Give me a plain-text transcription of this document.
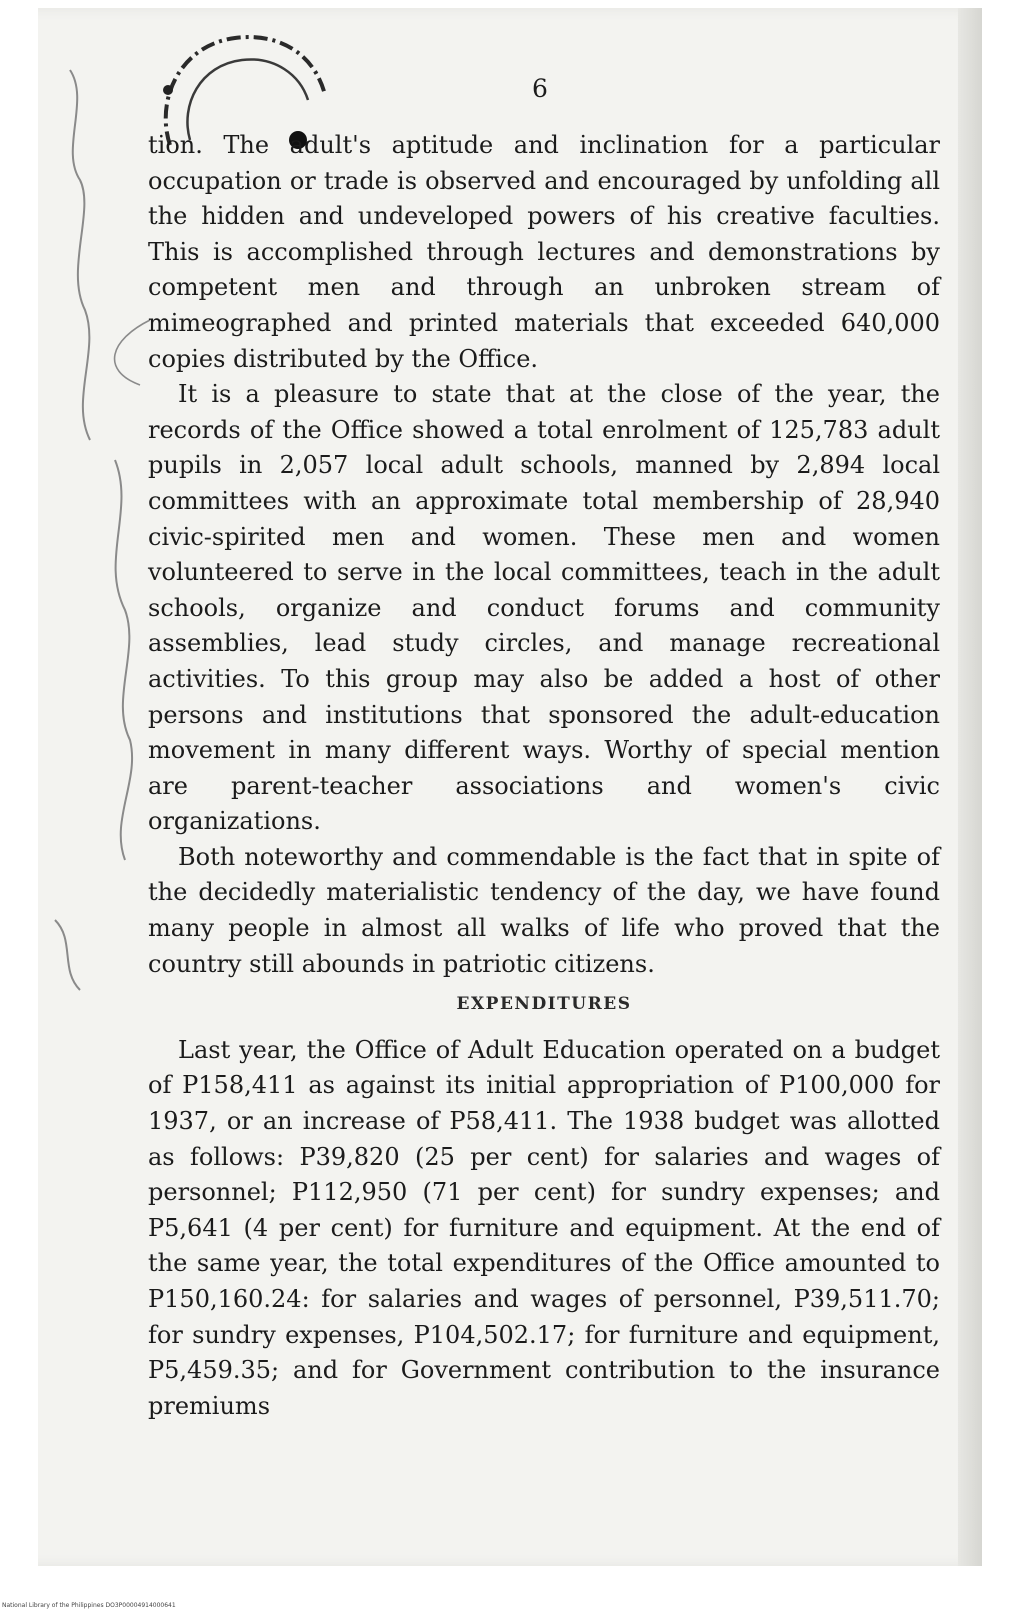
6

tion. The adult's aptitude and inclination for a particular occupation or trade is observed and encouraged by unfolding all the hidden and undeveloped powers of his creative faculties. This is accomplished through lectures and demonstrations by competent men and through an unbroken stream of mimeographed and printed materials that exceeded 640,000 copies distributed by the Office.

It is a pleasure to state that at the close of the year, the records of the Office showed a total enrolment of 125,783 adult pupils in 2,057 local adult schools, manned by 2,894 local committees with an approximate total membership of 28,940 civic-spirited men and women. These men and women volunteered to serve in the local committees, teach in the adult schools, organize and conduct forums and community assemblies, lead study circles, and manage recreational activities. To this group may also be added a host of other persons and institutions that sponsored the adult-education movement in many different ways. Worthy of special mention are parent-teacher associations and women's civic organizations.

Both noteworthy and commendable is the fact that in spite of the decidedly materialistic tendency of the day, we have found many people in almost all walks of life who proved that the country still abounds in patriotic citizens.

EXPENDITURES

Last year, the Office of Adult Education operated on a budget of P158,411 as against its initial appropriation of P100,000 for 1937, or an increase of P58,411. The 1938 budget was allotted as follows: P39,820 (25 per cent) for salaries and wages of personnel; P112,950 (71 per cent) for sundry expenses; and P5,641 (4 per cent) for furniture and equipment. At the end of the same year, the total expenditures of the Office amounted to P150,160.24: for salaries and wages of personnel, P39,511.70; for sundry expenses, P104,502.17; for furniture and equipment, P5,459.35; and for Government contribution to the insurance premiums

National Library of the Philippines DO3P00004914000641
